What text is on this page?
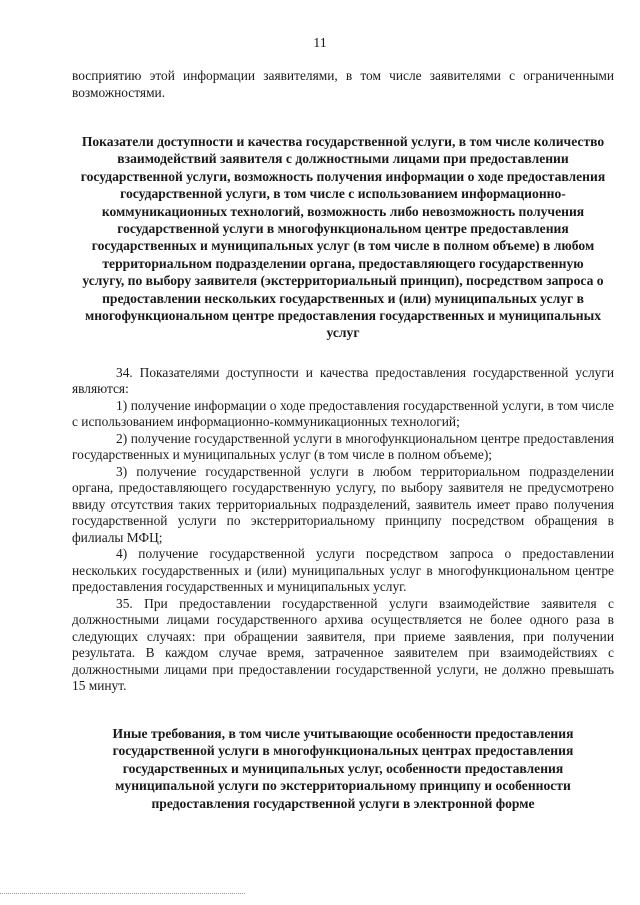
11

восприятию этой информации заявителями, в том числе заявителями с ограниченными возможностями.

Показатели доступности и качества государственной услуги, в том числе количество взаимодействий заявителя с должностными лицами при предоставлении государственной услуги, возможность получения информации о ходе предоставления государственной услуги, в том числе с использованием информационно-коммуникационных технологий, возможность либо невозможность получения государственной услуги в многофункциональном центре предоставления государственных и муниципальных услуг (в том числе в полном объеме) в любом территориальном подразделении органа, предоставляющего государственную услугу, по выбору заявителя (экстерриториальный принцип), посредством запроса о предоставлении нескольких государственных и (или) муниципальных услуг в многофункциональном центре предоставления государственных и муниципальных услуг

34. Показателями доступности и качества предоставления государственной услуги являются:

1) получение информации о ходе предоставления государственной услуги, в том числе с использованием информационно-коммуникационных технологий;

2) получение государственной услуги в многофункциональном центре предоставления государственных и муниципальных услуг (в том числе в полном объеме);

3) получение государственной услуги в любом территориальном подразделении органа, предоставляющего государственную услугу, по выбору заявителя не предусмотрено ввиду отсутствия таких территориальных подразделений, заявитель имеет право получения государственной услуги по экстерриториальному принципу посредством обращения в филиалы МФЦ;

4) получение государственной услуги посредством запроса о предоставлении нескольких государственных и (или) муниципальных услуг в многофункциональном центре предоставления государственных и муниципальных услуг.

35. При предоставлении государственной услуги взаимодействие заявителя с должностными лицами государственного архива осуществляется не более одного раза в следующих случаях: при обращении заявителя, при приеме заявления, при получении результата. В каждом случае время, затраченное заявителем при взаимодействиях с должностными лицами при предоставлении государственной услуги, не должно превышать 15 минут.

Иные требования, в том числе учитывающие особенности предоставления государственной услуги в многофункциональных центрах предоставления государственных и муниципальных услуг, особенности предоставления муниципальной услуги по экстерриториальному принципу и особенности предоставления государственной услуги в электронной форме
